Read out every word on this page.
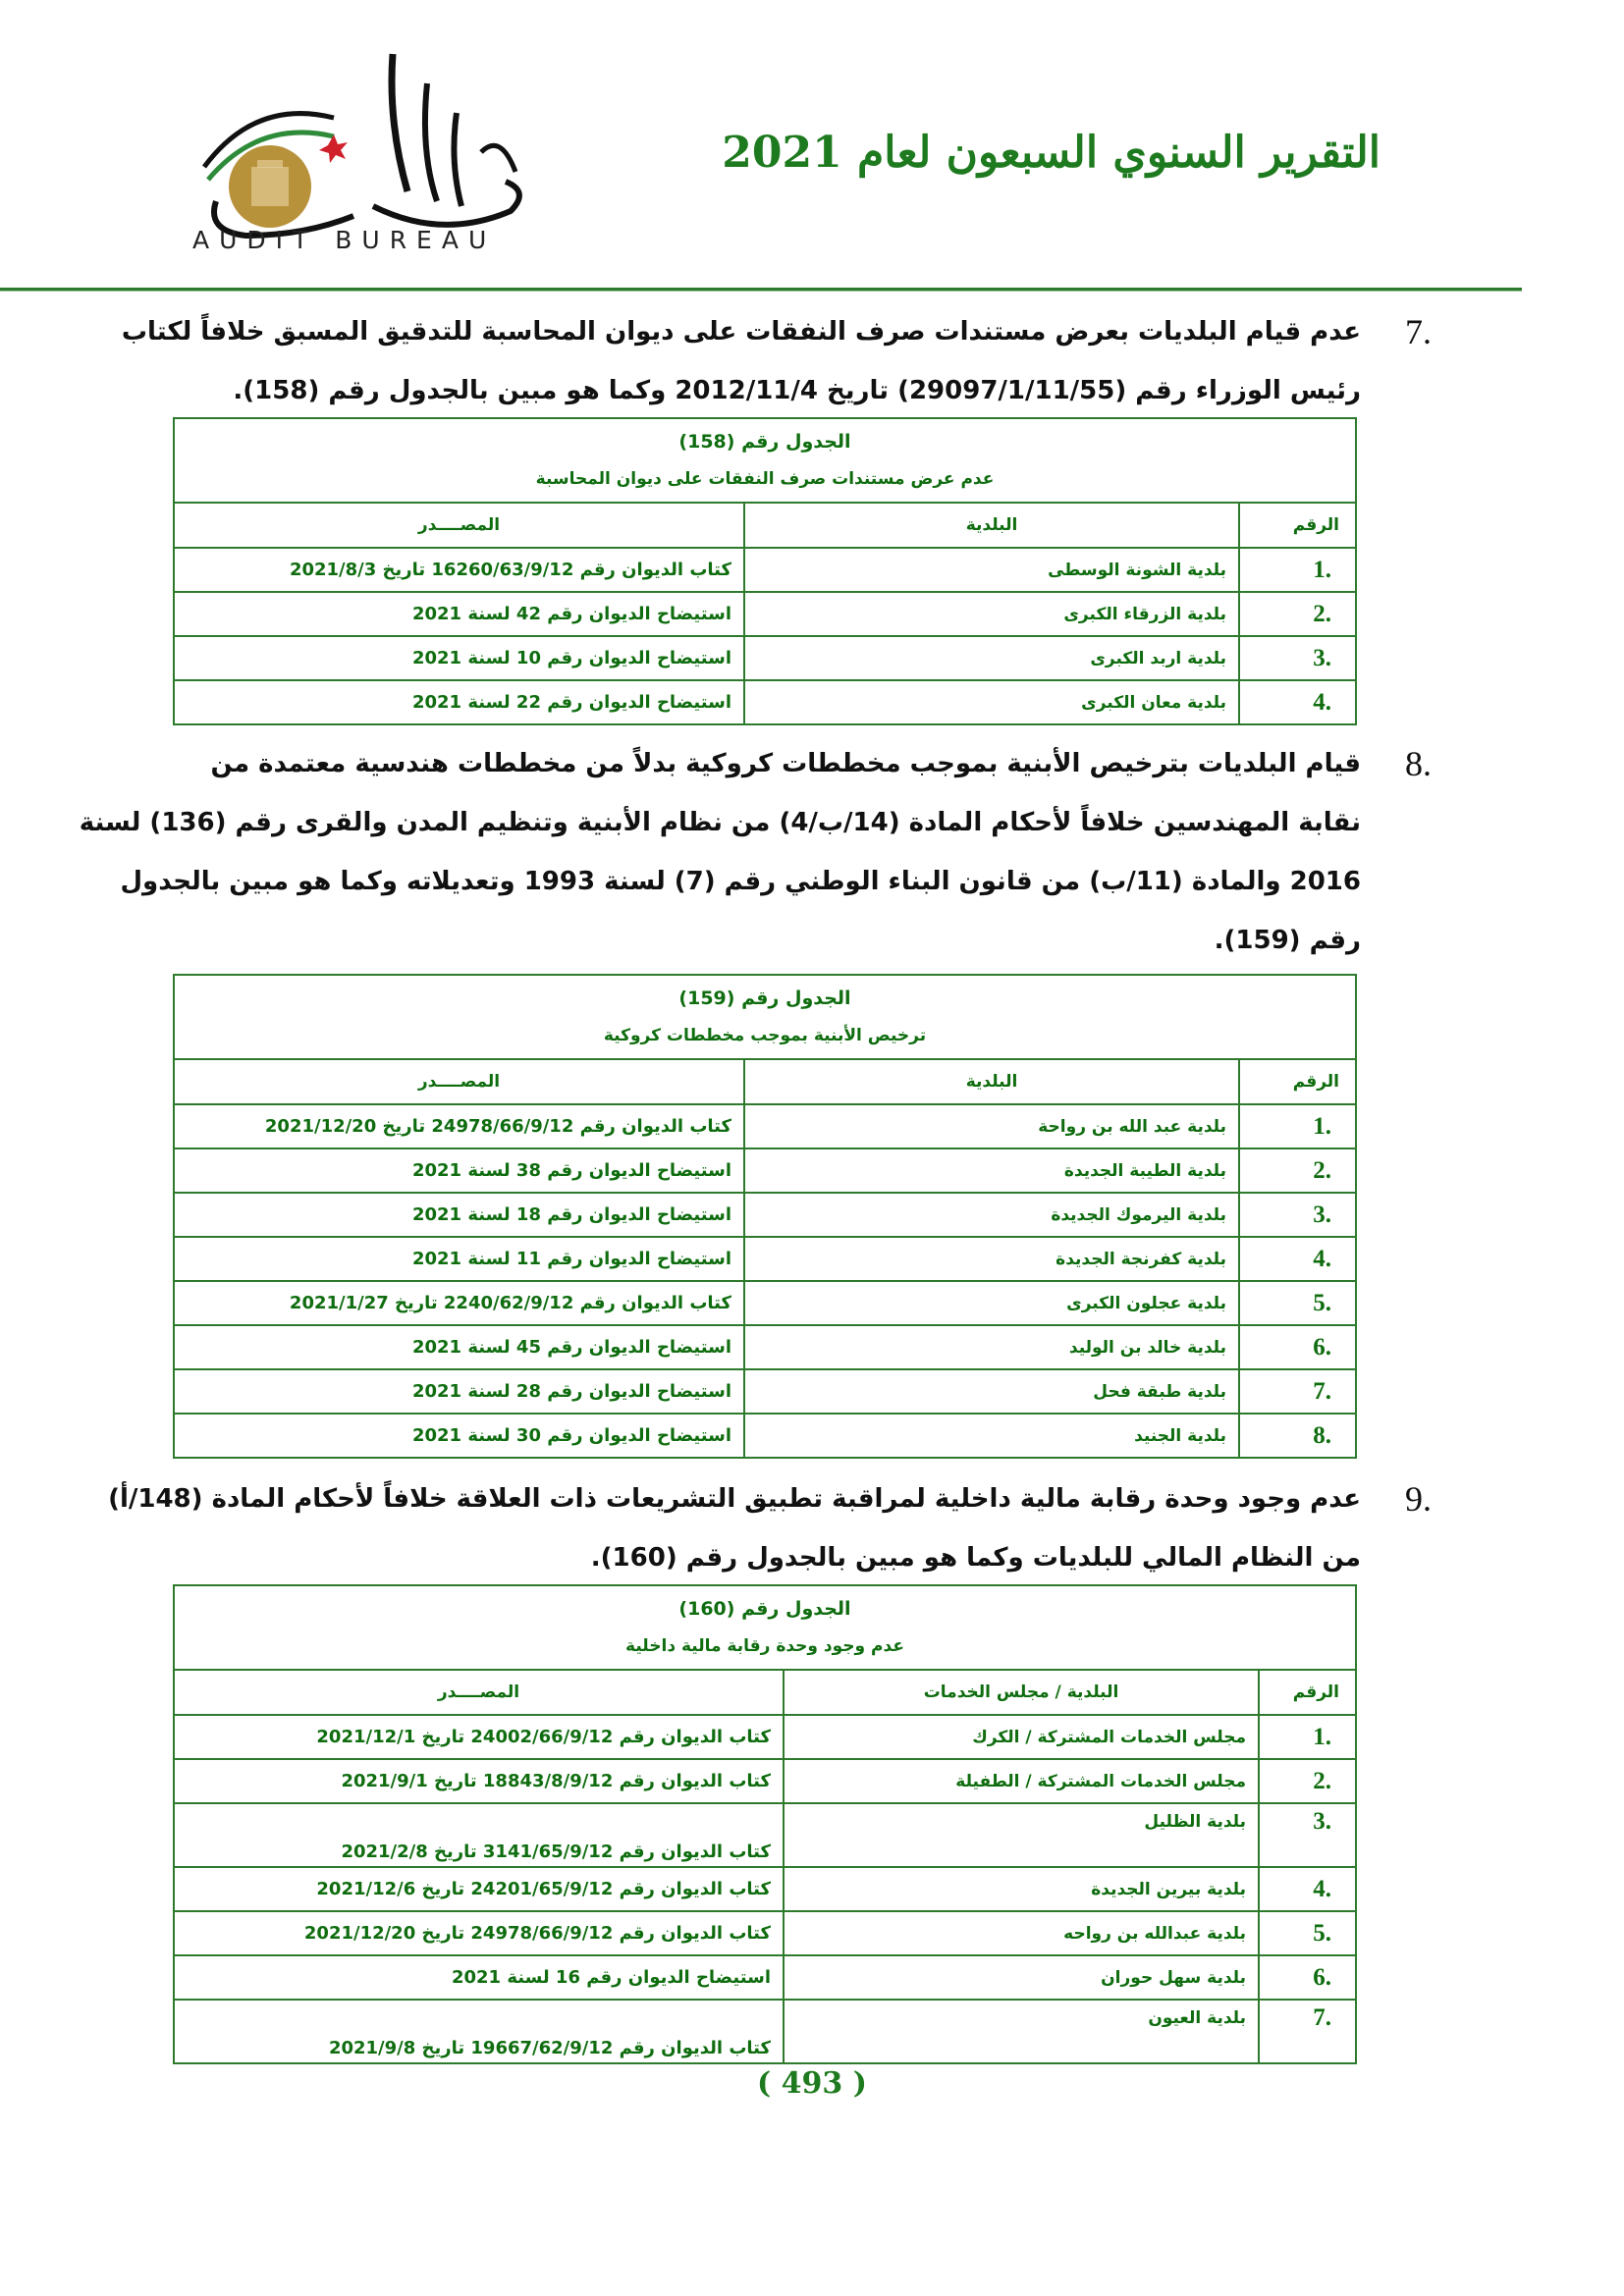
AUDIT BUREAU
التقرير السنوي السبعون لعام 2021
7.
عدم قيام البلديات بعرض مستندات صرف النفقات على ديوان المحاسبة للتدقيق المسبق خلافاً لكتاب
رئيس الوزراء رقم (29097/1/11/55) تاريخ 2012/11/4 وكما هو مبين بالجدول رقم (158).
الجدول رقم (158)
عدم عرض مستندات صرف النفقات على ديوان المحاسبة		

الرقم	البلدية	المصــــدر
1.	بلدية الشونة الوسطى	كتاب الديوان رقم 16260/63/9/12 تاريخ 2021/8/3
2.	بلدية الزرقاء الكبرى	استيضاح الديوان رقم 42 لسنة 2021
3.	بلدية اربد الكبرى	استيضاح الديوان رقم 10 لسنة 2021
4.	بلدية معان الكبرى	استيضاح الديوان رقم 22 لسنة 2021
8.
قيام البلديات بترخيص الأبنية بموجب مخططات كروكية بدلاً من مخططات هندسية معتمدة من
نقابة المهندسين خلافاً لأحكام المادة (14/ب/4) من نظام الأبنية وتنظيم المدن والقرى رقم (136) لسنة
2016 والمادة (11/ب) من قانون البناء الوطني رقم (7) لسنة 1993 وتعديلاته وكما هو مبين بالجدول
رقم (159).
الجدول رقم (159)
ترخيص الأبنية بموجب مخططات كروكية		

الرقم	البلدية	المصــــدر
1.	بلدية عبد الله بن رواحة	كتاب الديوان رقم 24978/66/9/12 تاريخ 2021/12/20
2.	بلدية الطيبة الجديدة	استيضاح الديوان رقم 38 لسنة 2021
3.	بلدية اليرموك الجديدة	استيضاح الديوان رقم 18 لسنة 2021
4.	بلدية كفرنجة الجديدة	استيضاح الديوان رقم 11 لسنة 2021
5.	بلدية عجلون الكبرى	كتاب الديوان رقم 2240/62/9/12 تاريخ 2021/1/27
6.	بلدية خالد بن الوليد	استيضاح الديوان رقم 45 لسنة 2021
7.	بلدية طبقة فحل	استيضاح الديوان رقم 28 لسنة 2021
8.	بلدية الجنيد	استيضاح الديوان رقم 30 لسنة 2021
9.
عدم وجود وحدة رقابة مالية داخلية لمراقبة تطبيق التشريعات ذات العلاقة خلافاً لأحكام المادة (148/أ)
من النظام المالي للبلديات وكما هو مبين بالجدول رقم (160).
الجدول رقم (160)
عدم وجود وحدة رقابة مالية داخلية		

الرقم	البلدية / مجلس الخدمات	المصــــدر
1.	مجلس الخدمات المشتركة / الكرك	كتاب الديوان رقم 24002/66/9/12 تاريخ 2021/12/1
2.	مجلس الخدمات المشتركة / الطفيلة	كتاب الديوان رقم 18843/8/9/12 تاريخ 2021/9/1
3.	بلدية الظليل	كتاب الديوان رقم 3141/65/9/12 تاريخ 2021/2/8
4.	بلدية بيرين الجديدة	كتاب الديوان رقم 24201/65/9/12 تاريخ 2021/12/6
5.	بلدية عبدالله بن رواحه	كتاب الديوان رقم 24978/66/9/12 تاريخ 2021/12/20
6.	بلدية سهل حوران	استيضاح الديوان رقم 16 لسنة 2021
7.	بلدية العيون	كتاب الديوان رقم 19667/62/9/12 تاريخ 2021/9/8
( 493 )
